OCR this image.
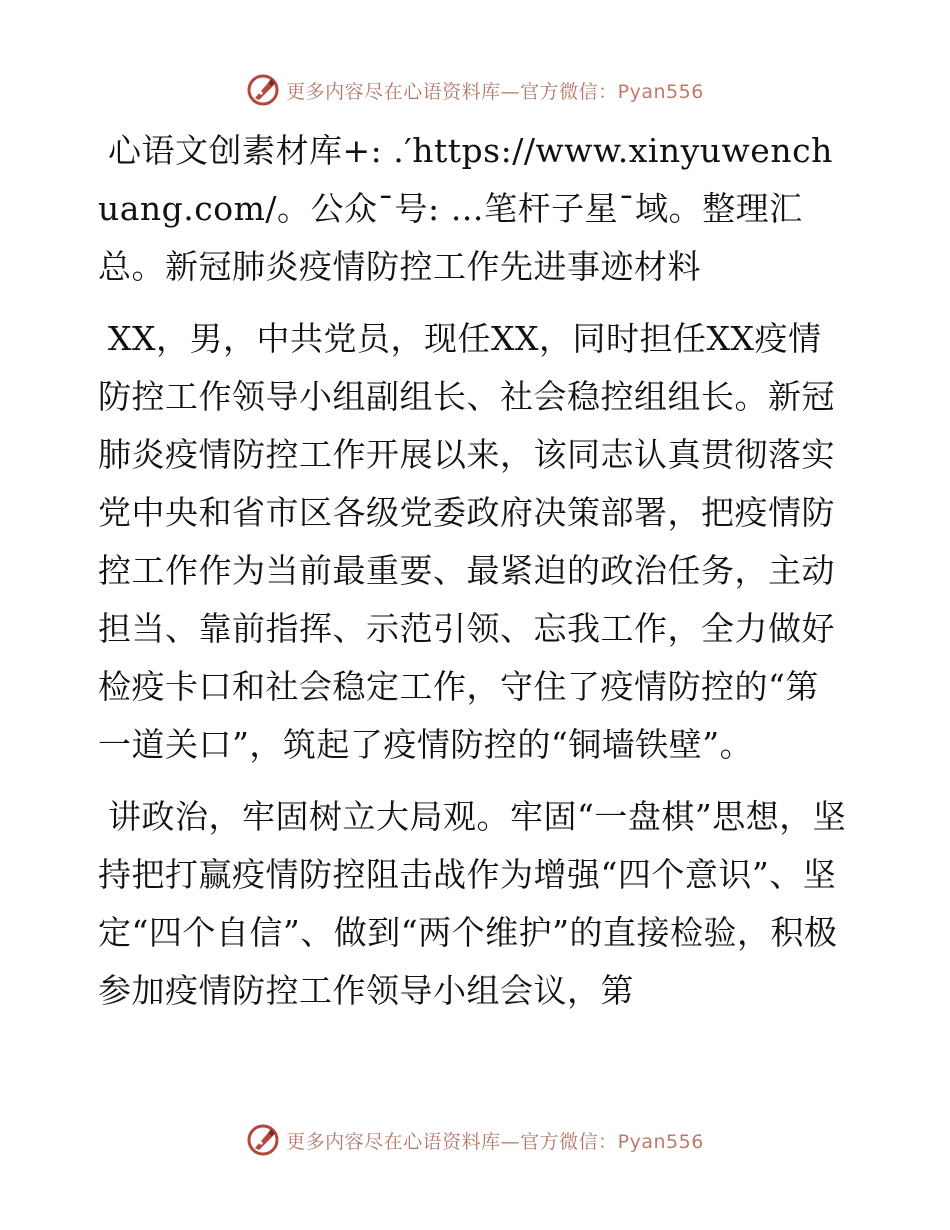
更多内容尽在心语资料库—官方微信：Pyan556

心语文创素材库+: .′https://www.xinyuwenchuang.com/。公众¯号: …笔杆子星¯域。整理汇总。新冠肺炎疫情防控工作先进事迹材料

XX，男，中共党员，现任XX，同时担任XX疫情防控工作领导小组副组长、社会稳控组组长。新冠肺炎疫情防控工作开展以来，该同志认真贯彻落实党中央和省市区各级党委政府决策部署，把疫情防控工作作为当前最重要、最紧迫的政治任务，主动担当、靠前指挥、示范引领、忘我工作，全力做好检疫卡口和社会稳定工作，守住了疫情防控的“第一道关口”，筑起了疫情防控的“铜墙铁壁”。

讲政治，牢固树立大局观。牢固“一盘棋”思想，坚持把打赢疫情防控阻击战作为增强“四个意识”、坚定“四个自信”、做到“两个维护”的直接检验，积极参加疫情防控工作领导小组会议，第

更多内容尽在心语资料库—官方微信：Pyan556
